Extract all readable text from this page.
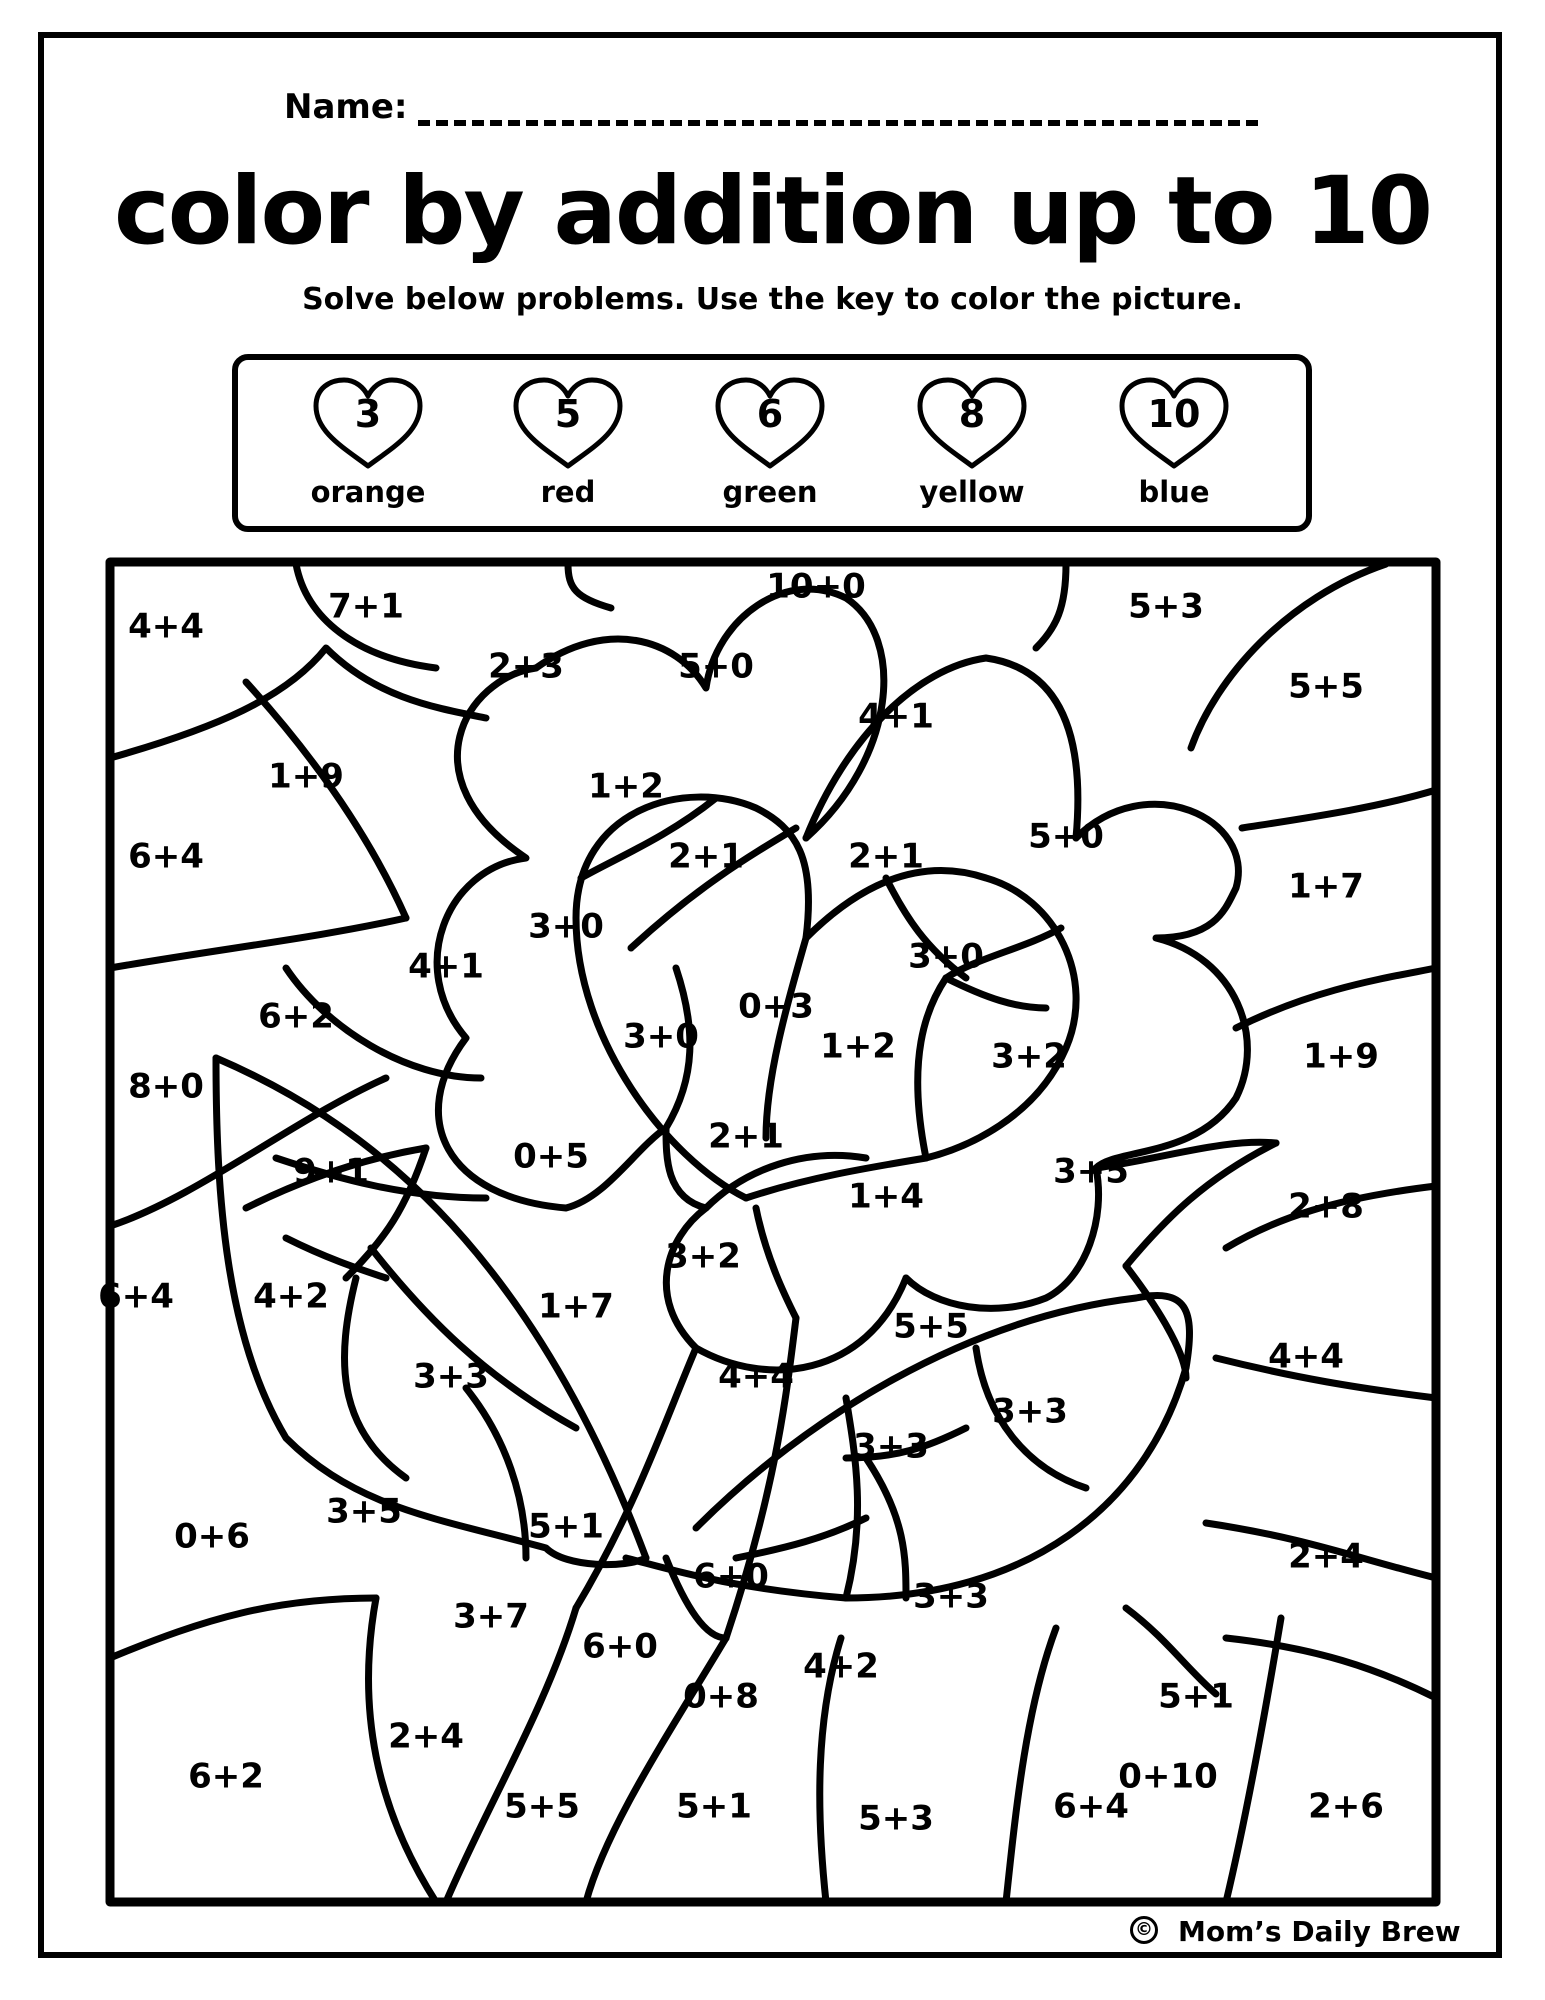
Name:
color by addition up to 10
Solve below problems. Use the key to color the picture.
3
orange
5
red
6
green
8
yellow
10
blue
4+4	7+1	10+0	5+3
5+5
2+3	5+0
4+1
1+9
6+4
1+2
2+1	2+1	5+0
1+7
3+0
4+1	3+0
6+2	3+0
0+3
1+2	3+2	1+9
8+0
0+5	2+1
9+1	3+5
1+4	2+8
3+2
6+4 4+2	1+7	5+5
4+4
3+3	4+4
3+3
3+3
0+6
3+5	5+1
6+0	3+3
2+4
3+7
6+0	4+2
5+1
0+8
2+4
6+2
5+5	5+1
0+10
5+3	6+4	2+6
© Mom’s Daily Brew
